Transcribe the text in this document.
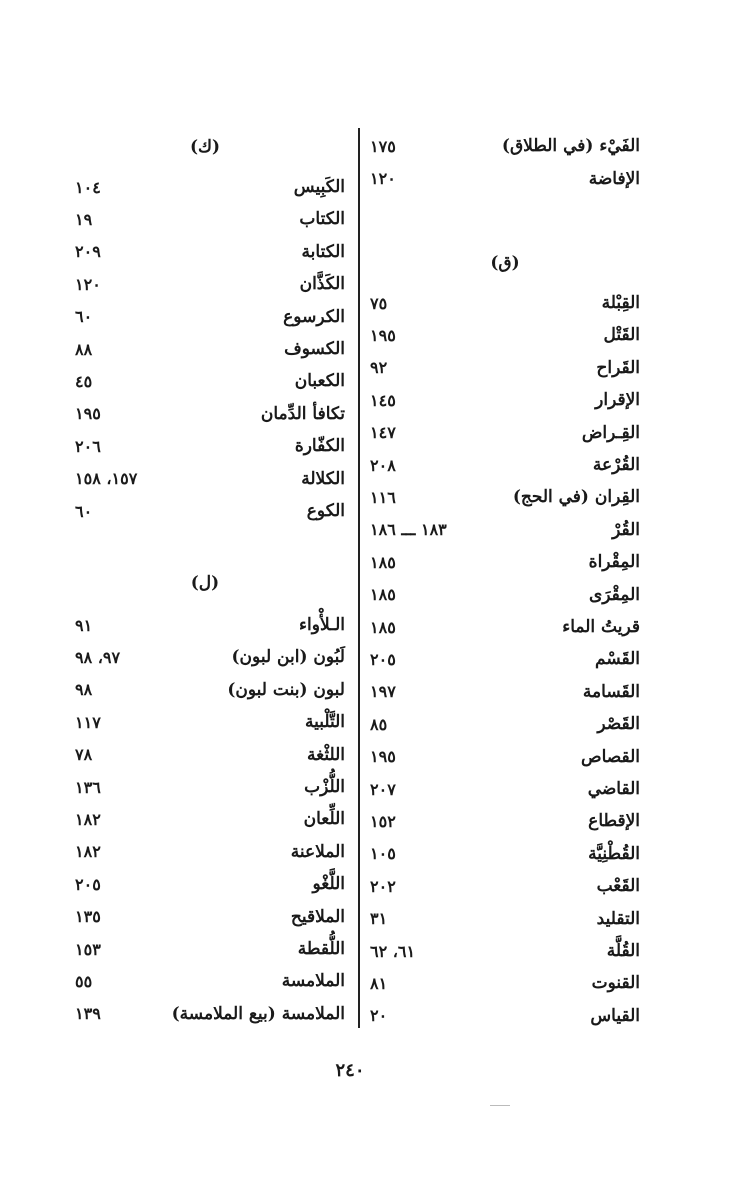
(ق)
١٧٥	الفَيْء (في الطلاق)
١٢٠	الإفاضة
٧٥	القِبْلة
١٩٥	القَتْل
٩٢	القَراح
١٤٥	الإقرار
١٤٧	القِـراض
٢٠٨	القُرْعة
١١٦	القِران (في الحج)
١٨٣ ـــ ١٨٦	القُرْ
١٨٥	المِقْراة
١٨٥	المِقْرَى
١٨٥	قريتُ الماء
٢٠٥	القَسْم
١٩٧	القَسامة
٨٥	القَصْر
١٩٥	القصاص
٢٠٧	القاضي
١٥٢	الإقطاع
١٠٥	القُطْنِيَّة
٢٠٢	القَعْب
٣١	التقليد
٦١، ٦٢	القُلَّة
٨١	القنوت
٢٠	القياس
(ك)
(ل)
١٠٤	الكَبِيس
١٩	الكتاب
٢٠٩	الكتابة
١٢٠	الكَذَّان
٦٠	الكرسوع
٨٨	الكسوف
٤٥	الكعبان
١٩٥	تكافأ الدِّمان
٢٠٦	الكفّارة
١٥٧، ١٥٨	الكلالة
٦٠	الكوع
٩١	الـلأْواء
٩٧، ٩٨	لَبُون (ابن لبون)
٩٨	لبون (بنت لبون)
١١٧	التَّلْبية
٧٨	اللثْغة
١٣٦	اللُّزْب
١٨٢	اللِّعان
١٨٢	الملاعنة
٢٠٥	اللَّغْو
١٣٥	الملاقيح
١٥٣	اللُّقطة
٥٥	الملامسة
١٣٩	الملامسة (بيع الملامسة)
٢٤٠
